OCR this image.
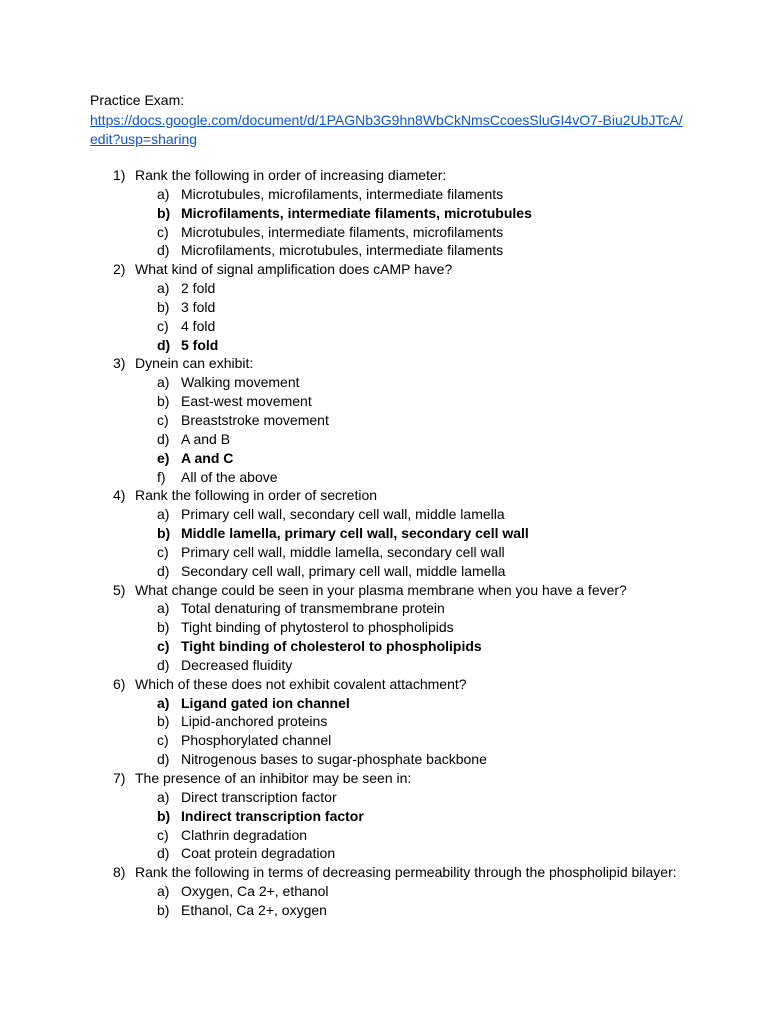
Practice Exam:
https://docs.google.com/document/d/1PAGNb3G9hn8WbCkNmsCcoesSluGI4vO7-Biu2UbJTcA/
edit?usp=sharing
1) Rank the following in order of increasing diameter:
a) Microtubules, microfilaments, intermediate filaments
b) Microfilaments, intermediate filaments, microtubules
c) Microtubules, intermediate filaments, microfilaments
d) Microfilaments, microtubules, intermediate filaments
2) What kind of signal amplification does cAMP have?
a) 2 fold
b) 3 fold
c) 4 fold
d) 5 fold
3) Dynein can exhibit:
a) Walking movement
b) East-west movement
c) Breaststroke movement
d) A and B
e) A and C
f) All of the above
4) Rank the following in order of secretion
a) Primary cell wall, secondary cell wall, middle lamella
b) Middle lamella, primary cell wall, secondary cell wall
c) Primary cell wall, middle lamella, secondary cell wall
d) Secondary cell wall, primary cell wall, middle lamella
5) What change could be seen in your plasma membrane when you have a fever?
a) Total denaturing of transmembrane protein
b) Tight binding of phytosterol to phospholipids
c) Tight binding of cholesterol to phospholipids
d) Decreased fluidity
6) Which of these does not exhibit covalent attachment?
a) Ligand gated ion channel
b) Lipid-anchored proteins
c) Phosphorylated channel
d) Nitrogenous bases to sugar-phosphate backbone
7) The presence of an inhibitor may be seen in:
a) Direct transcription factor
b) Indirect transcription factor
c) Clathrin degradation
d) Coat protein degradation
8) Rank the following in terms of decreasing permeability through the phospholipid bilayer:
a) Oxygen, Ca 2+, ethanol
b) Ethanol, Ca 2+, oxygen
